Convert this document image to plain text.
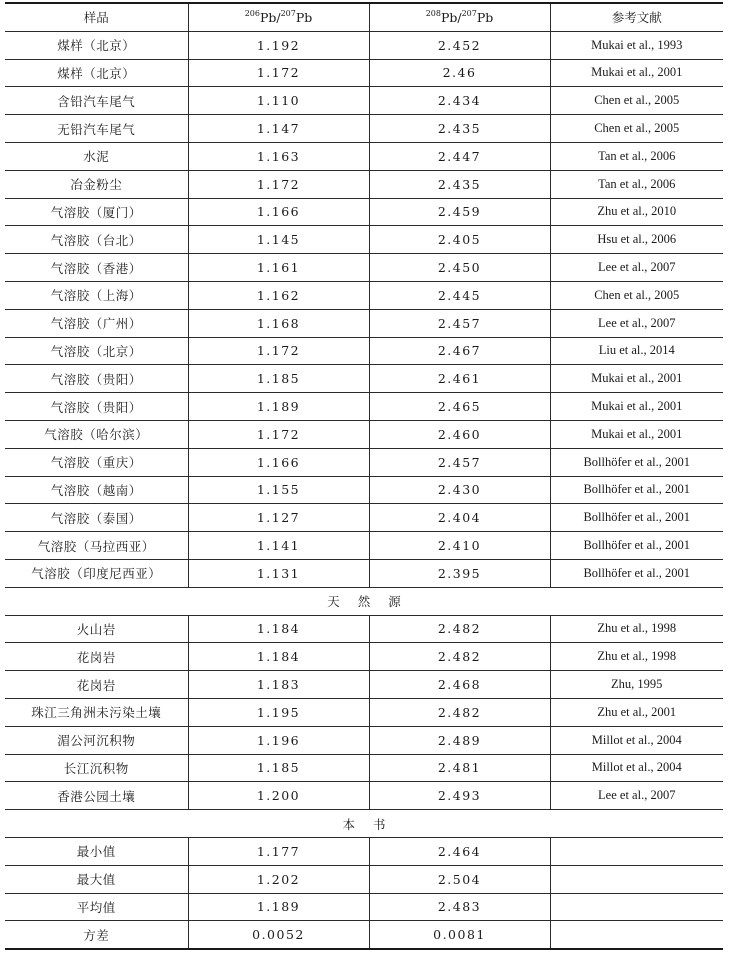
样品	$^{206}$Pb/$^{207}$Pb	$^{208}$Pb/$^{207}$Pb	参考文献
煤样（北京）	1.192	2.452	Mukai et al., 1993
煤样（北京）	1.172	2.46	Mukai et al., 2001
含铅汽车尾气	1.110	2.434	Chen et al., 2005
无铅汽车尾气	1.147	2.435	Chen et al., 2005
水泥	1.163	2.447	Tan et al., 2006
冶金粉尘	1.172	2.435	Tan et al., 2006
气溶胶（厦门）	1.166	2.459	Zhu et al., 2010
气溶胶（台北）	1.145	2.405	Hsu et al., 2006
气溶胶（香港）	1.161	2.450	Lee et al., 2007
气溶胶（上海）	1.162	2.445	Chen et al., 2005
气溶胶（广州）	1.168	2.457	Lee et al., 2007
气溶胶（北京）	1.172	2.467	Liu et al., 2014
气溶胶（贵阳）	1.185	2.461	Mukai et al., 2001
气溶胶（贵阳）	1.189	2.465	Mukai et al., 2001
气溶胶（哈尔滨）	1.172	2.460	Mukai et al., 2001
气溶胶（重庆）	1.166	2.457	Bollhöfer et al., 2001
气溶胶（越南）	1.155	2.430	Bollhöfer et al., 2001
气溶胶（泰国）	1.127	2.404	Bollhöfer et al., 2001
气溶胶（马拉西亚）	1.141	2.410	Bollhöfer et al., 2001
气溶胶（印度尼西亚）	1.131	2.395	Bollhöfer et al., 2001
天然源			
火山岩	1.184	2.482	Zhu et al., 1998
花岗岩	1.184	2.482	Zhu et al., 1998
花岗岩	1.183	2.468	Zhu, 1995
珠江三角洲未污染土壤	1.195	2.482	Zhu et al., 2001
湄公河沉积物	1.196	2.489	Millot et al., 2004
长江沉积物	1.185	2.481	Millot et al., 2004
香港公园土壤	1.200	2.493	Lee et al., 2007
本书			
最小值	1.177	2.464	
最大值	1.202	2.504	
平均值	1.189	2.483	
方差	0.0052	0.0081	
